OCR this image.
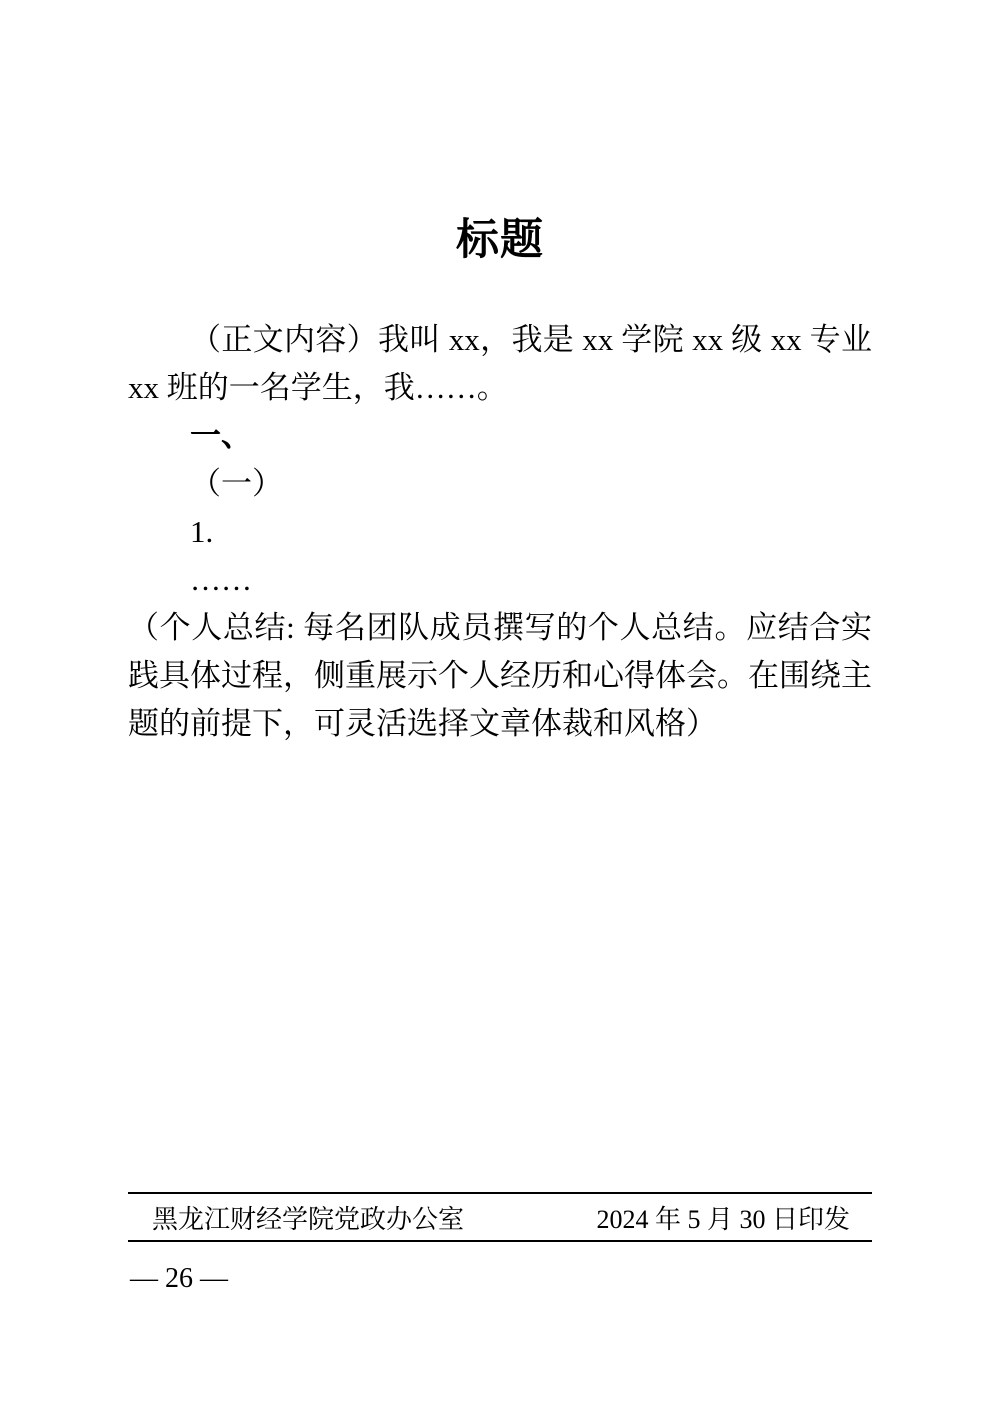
标题

（正文内容）我叫 xx，我是 xx 学院 xx 级 xx 专业 xx 班的一名学生，我……。

一、

（一）

1.

……

（个人总结: 每名团队成员撰写的个人总结。应结合实践具体过程，侧重展示个人经历和心得体会。在围绕主题的前提下，可灵活选择文章体裁和风格）

黑龙江财经学院党政办公室	2024 年 5 月 30 日印发
— 26 —
